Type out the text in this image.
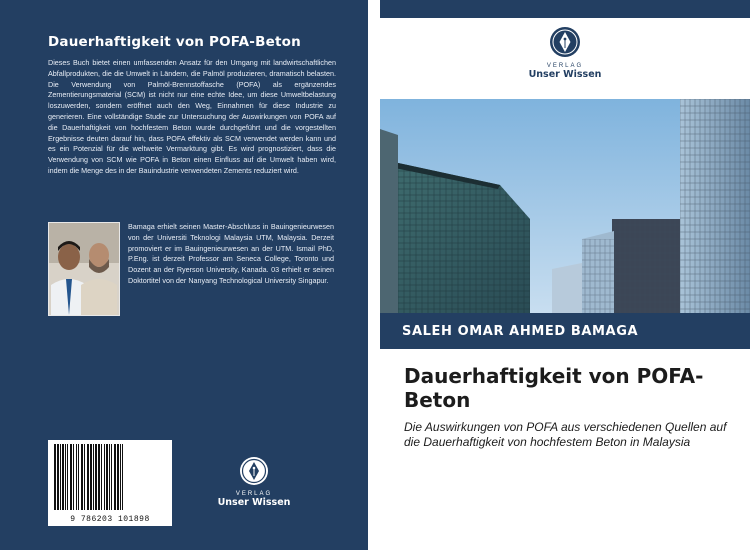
Dauerhaftigkeit von POFA-Beton
Dieses Buch bietet einen umfassenden Ansatz für den Umgang mit landwirtschaftlichen Abfallprodukten, die die Umwelt in Ländern, die Palmöl produzieren, dramatisch belasten. Die Verwendung von Palmöl-Brennstoffasche (POFA) als ergänzendes Zementierungsmaterial (SCM) ist nicht nur eine echte Idee, um diese Umweltbelastung loszuwerden, sondern eröffnet auch den Weg, Einnahmen für diese Industrie zu generieren. Eine vollständige Studie zur Untersuchung der Auswirkungen von POFA auf die Dauerhaftigkeit von hochfestem Beton wurde durchgeführt und die vorgestellten Ergebnisse deuten darauf hin, dass POFA effektiv als SCM verwendet werden kann und es ein Potenzial für die weltweite Vermarktung gibt. Es wird prognostiziert, dass die Verwendung von SCM wie POFA in Beton einen Einfluss auf die Umwelt haben wird, indem die Menge des in der Bauindustrie verwendeten Zements reduziert wird.
Bamaga erhielt seinen Master-Abschluss in Bauingenieurwesen von der Universiti Teknologi Malaysia UTM, Malaysia. Derzeit promoviert er im Bauingenieurwesen an der UTM. Ismail PhD, P.Eng. ist derzeit Professor am Seneca College, Toronto und Dozent an der Ryerson University, Kanada. 03 erhielt er seinen Doktortitel von der Nanyang Technological University Singapur.
9 786203 101898
VERLAG
Unser Wissen
VERLAG
Unser Wissen
SALEH OMAR AHMED BAMAGA
Dauerhaftigkeit von POFA-Beton
Die Auswirkungen von POFA aus verschiedenen Quellen auf die Dauerhaftigkeit von hochfestem Beton in Malaysia
